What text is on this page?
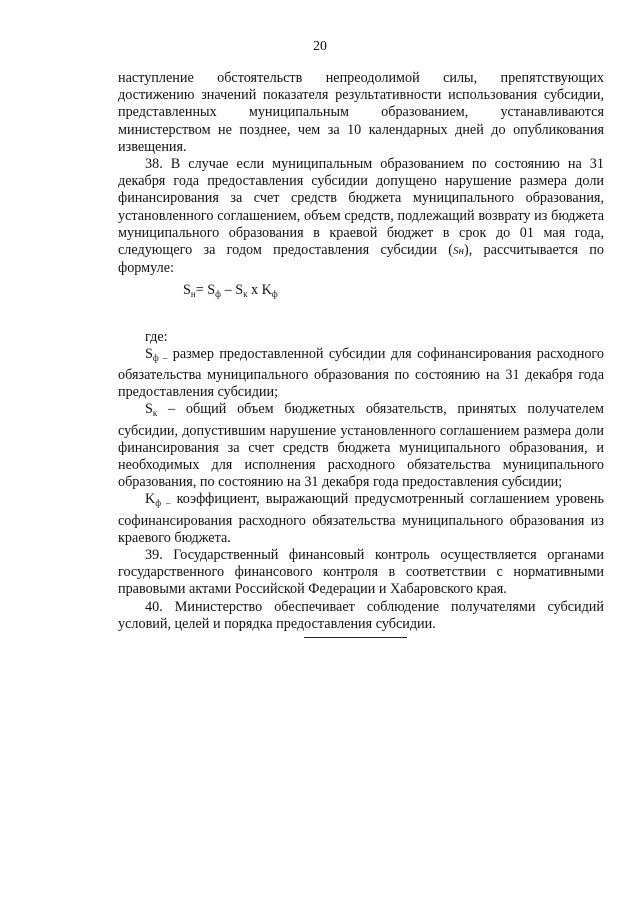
20

наступление обстоятельств непреодолимой силы, препятствующих достижению значений показателя результативности использования субсидии, представленных муниципальным образованием, устанавливаются министерством не позднее, чем за 10 календарных дней до опубликования извещения.

38. В случае если муниципальным образованием по состоянию на 31 декабря года предоставления субсидии допущено нарушение размера доли финансирования за счет средств бюджета муниципального образования, установленного соглашением, объем средств, подлежащий возврату из бюджета муниципального образования в краевой бюджет в срок до 01 мая года, следующего за годом предоставления субсидии (Sн), рассчитывается по формуле:

$S_н= S_ф - S_к$ x $K_ф$

где:

$S_{ф -}$ размер предоставленной субсидии для софинансирования расходного обязательства муниципального образования по состоянию на 31 декабря года предоставления субсидии;

$S_к$ – общий объем бюджетных обязательств, принятых получателем субсидии, допустившим нарушение установленного соглашением размера доли финансирования за счет средств бюджета муниципального образования, и необходимых для исполнения расходного обязательства муниципального образования, по состоянию на 31 декабря года предоставления субсидии;

$K_{ф -}$ коэффициент, выражающий предусмотренный соглашением уровень софинансирования расходного обязательства муниципального образования из краевого бюджета.

39. Государственный финансовый контроль осуществляется органами государственного финансового контроля в соответствии с нормативными правовыми актами Российской Федерации и Хабаровского края.

40. Министерство обеспечивает соблюдение получателями субсидий условий, целей и порядка предоставления субсидии.
